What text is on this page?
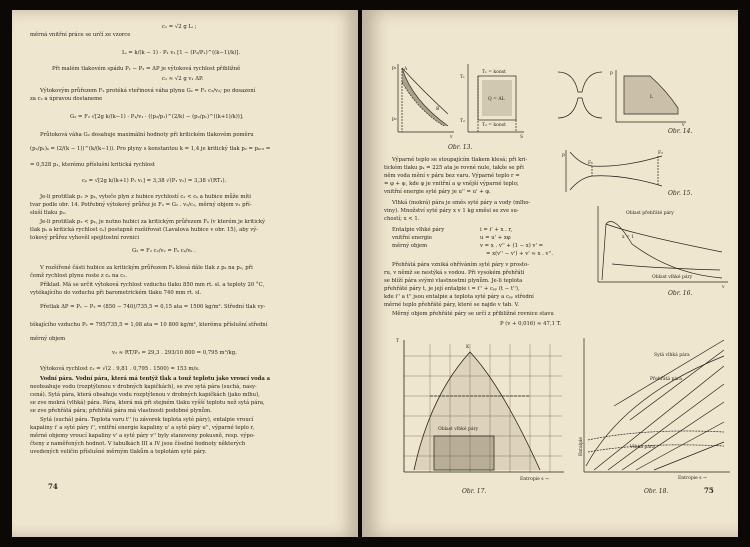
c₁ = √2 g Lᵢ ;
měrná vnitřní práce se určí ze vzorce
Lᵢ = k/(k − 1) · P₁ v₁ [1 − (P₂/P₁)^((k−1)/k)].
Při malém tlakovém spádu P₁ − P₂ = ΔP je výtoková rychlost přibližně
c₁ ≈ √2 g v₁ ΔP.
Výtokovým průřezem F₂ protéká vteřinová váha plynu G₂ = F₂ c₂/v₂; po dosazení
za c₂ a úpravou dostaneme
G₂ = F₂ √[2g k/(k−1) · P₁/v₁ · ((p₂/p₁)^(2/k) − (p₂/p₁)^((k+1)/k))].
Průtoková váha G₂ dosahuje maximální hodnoty při kritickém tlakovém poměru
(p₂/p₁)ₖ = (2/(k − 1))^(k/(k−1)). Pro plyny s konstantou k = 1,4 je kritický tlak p₂ = pₖᵣᵢₜ =
= 0,528 p₁, kterému příslušní kritická rychlost
cₖ = √[2g k/(k+1) P₁ v₁] = 3,38 √(P₁ v₁) = 3,38 √(RT₁).
Je-li protitlak p₂ > pₖ, vyteče plyn z hubice rychlostí c₂ < cₖ a hubice může míti
tvar podle obr. 14. Potřebný výtokový průřez je F₂ = G₂ . v₂/c₂, měrný objem v₂ pří-
sluší tlaku p₂.
Je-li protitlak p₂ < pₖ, je nutno hubici za kritickým průřezem Fₖ (v kterém je kritický
tlak pₖ a kritická rychlost cₖ) postupně rozšiřovat (Lavalova hubice v obr. 15), aby vý-
tokový průřez vyhověl spojitostní rovnici
G₂ = F₂ c₂/v₂ = Fₖ cₖ/vₖ .
V rozšířené části hubice za kritickým průřezem Fₖ klesá dále tlak z pₖ na p₂, při
čemž rychlost plynu roste z cₖ na c₂.
Příklad. Má se určit výtoková rychlost vzduchu tlaku 850 mm rt. sl. a teploty 20 °C,
vytékajícího do vzduchu při barometrickém tlaku 740 mm rt. sl.
Přetlak ΔP = P₁ − P₂ = (850 − 740)/735,5 = 0,15 ata = 1500 kg/m². Střední tlak vy-
tékajícího vzduchu P₂ = 795/735,5 = 1,08 ata = 10 800 kg/m², kterému příslušní střední
měrný objem
v₂ ≈ RT/P₂ = 29,3 . 293/10 800 = 0,795 m³/kg.
Výtoková rychlost c₂ = √(2 . 9,81 . 0,795 . 1500) = 153 m/s.
Vodní pára. Vodní pára, která má tentýž tlak a touž teplotu jako vroucí voda a
neobsahuje vodu (rozptýlenou v drobných kapičkách), se zve sytá pára (suchá, nasy-
cená). Sytá pára, která obsahuje vodu rozptýlenou v drobných kapičkách (jako mlhu),
se zve mokrá (vlhká) pára. Pára, která má při stejném tlaku vyšší teplotu než sytá pára,
se zve přehřátá pára; přehřátá pára má vlastnosti podobné plynům.
Sytá (suchá) pára. Teplota varu t'' (u závorek teplota syté páry), entalpie vroucí
kapaliny i' a syté páry i'', vnitřní energie kapaliny u' a syté páry u'', výparné teplo r,
měrné objemy vroucí kapaliny v' a syté páry v'' byly stanoveny pokusně, resp. výpo-
čteny z naměřených hodnot. V tabulkách III a IV jsou číselné hodnoty některých
uvedených veličin příslušné měrným tlakům a teplotám syté páry.
74
A
B
p₁
p₂
T₁
T₂
Q = AL
T₁ = konst
T₂ = konst
v	S
Obr. 13.
p
v
L
Obr. 14.
p
Fₖ
F₂
Obr. 15.
Oblast přehřáté páry
Oblast vlhké páry
x = 1
v
Obr. 16.
Výparné teplo se stoupajícím tlakem klesá; při kri-
tickém tlaku pₖ = 225 ata je rovné nule, takže se při
něm voda mění v páru bez varu. Výparné teplo r =
= φ + ψ, kde φ je vnitřní a ψ vnější výparné teplo;
vnitřní energie syté páry je u'' = u' + φ.
Vlhká (mokrá) pára je směs syté páry a vody (mlho-
viny). Množství syté páry x v 1 kg směsi se zve su-
chostí; x < 1.
Entalpie vlhké páry
vnitřní energie
měrný objem
i = i' + x . r,
u = u' + xφ
v = x . v'' + (1 − x) v' =
= x(v'' − v') + v' ≈ x . v''.
Přehřátá pára vzniká ohříváním syté páry v prosto-
ru, v němž se nestýká s vodou. Při vysokém přehřátí
se blíží pára svými vlastnostmi plynům. Je-li teplota
přehřáté páry t, je její entalpie i = i'' + cₚₚ (t − t''),
kde i'' a t'' jsou entalpie a teplota syté páry a cₚₚ střední
měrné teplo přehřáté páry, které se najde v tab. V.
Měrný objem přehřáté páry se určí z přibližné rovnice stavu
P (v + 0,016) ≈ 47,1 T.
T
K
Oblast vlhké páry
Entropie s →
Obr. 17.
Sytá vlhká pára
Přehřátá pára
Vlhká pára
Entalpie
Entropie s →
Obr. 18.	75
